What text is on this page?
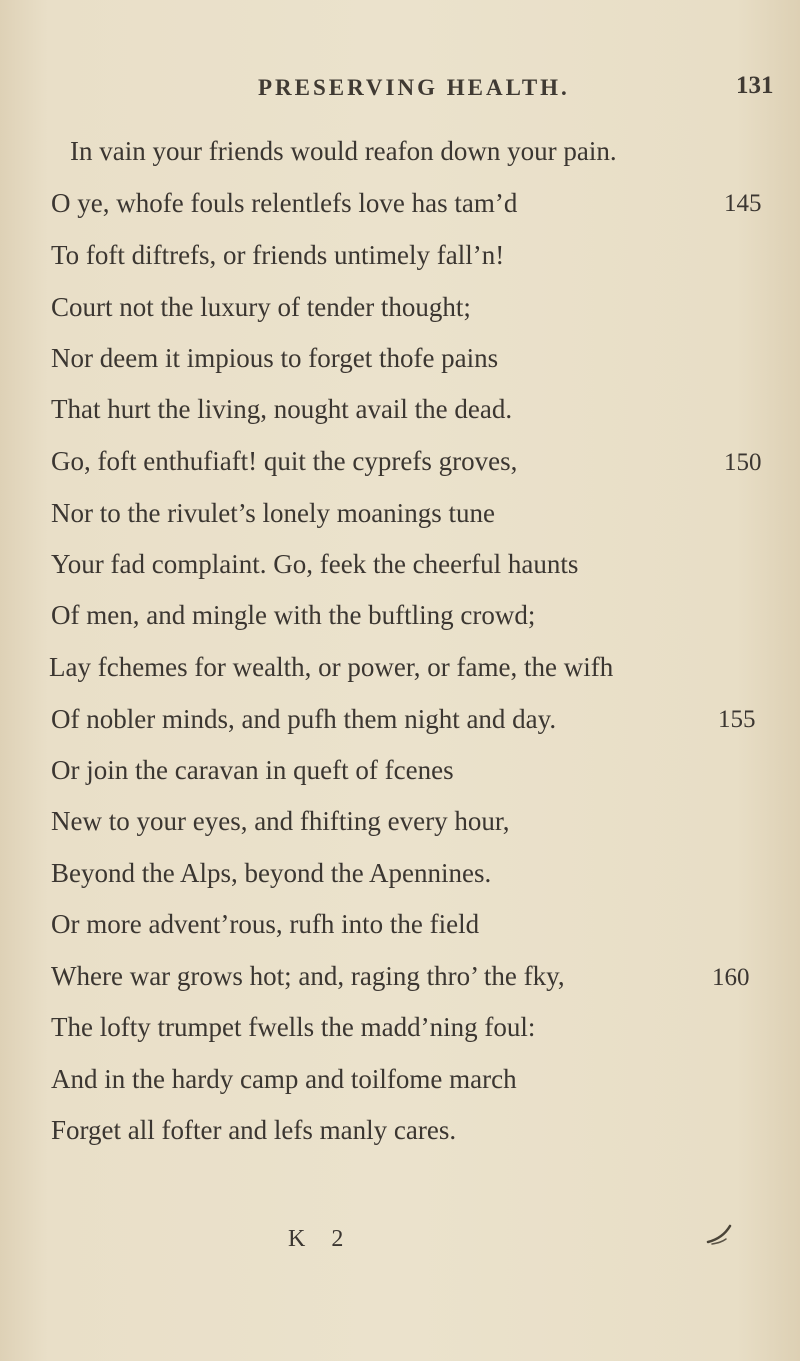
PRESERVING HEALTH.	131
In vain your friends would reafon down your pain.
O ye, whofe fouls relentlefs love has tam’d
To foft diftrefs, or friends untimely fall’n!
Court not the luxury of tender thought;
Nor deem it impious to forget thofe pains
That hurt the living, nought avail the dead.
Go, foft enthufiaft! quit the cyprefs groves,
Nor to the rivulet’s lonely moanings tune
Your fad complaint. Go, feek the cheerful haunts
Of men, and mingle with the buftling crowd;
Lay fchemes for wealth, or power, or fame, the wifh
Of nobler minds, and pufh them night and day.
Or join the caravan in queft of fcenes
New to your eyes, and fhifting every hour,
Beyond the Alps, beyond the Apennines.
Or more advent’rous, rufh into the field
Where war grows hot; and, raging thro’ the fky,
The lofty trumpet fwells the madd’ning foul:
And in the hardy camp and toilfome march
Forget all fofter and lefs manly cares.
145
150
155
160
K 2
